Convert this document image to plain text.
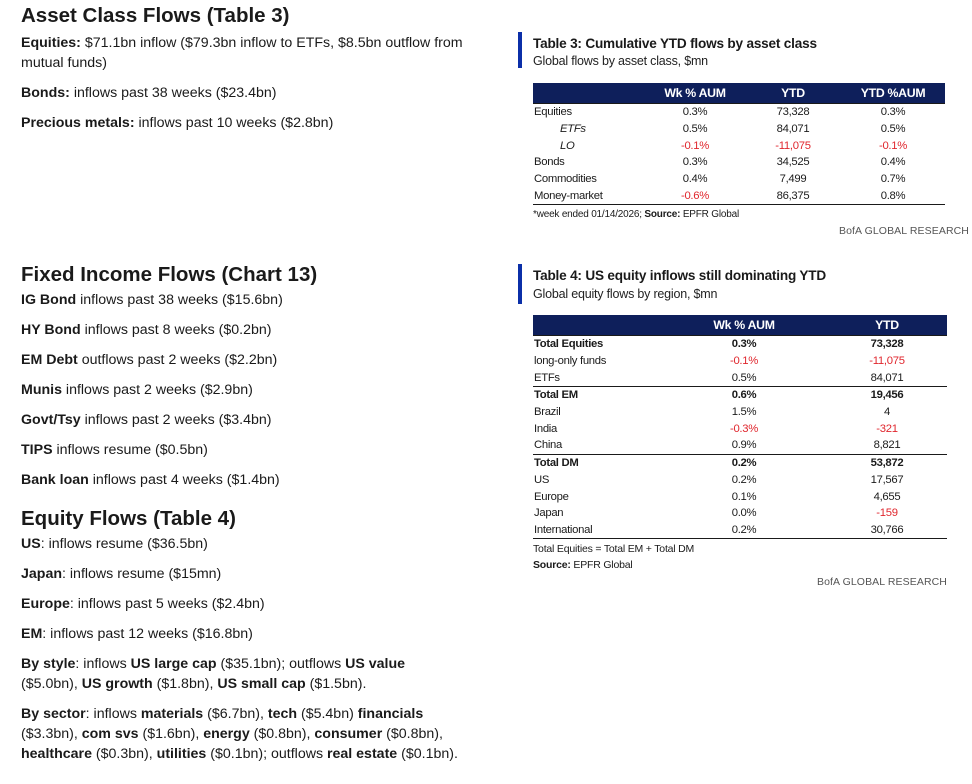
Asset Class Flows (Table 3)

Equities: $71.1bn inflow ($79.3bn inflow to ETFs, $8.5bn outflow from mutual funds)

Bonds: inflows past 38 weeks ($23.4bn)

Precious metals: inflows past 10 weeks ($2.8bn)

Fixed Income Flows (Chart 13)

IG Bond inflows past 38 weeks ($15.6bn)

HY Bond inflows past 8 weeks ($0.2bn)

EM Debt outflows past 2 weeks ($2.2bn)

Munis inflows past 2 weeks ($2.9bn)

Govt/Tsy inflows past 2 weeks ($3.4bn)

TIPS inflows resume ($0.5bn)

Bank loan inflows past 4 weeks ($1.4bn)

Equity Flows (Table 4)

US: inflows resume ($36.5bn)

Japan: inflows resume ($15mn)

Europe: inflows past 5 weeks ($2.4bn)

EM: inflows past 12 weeks ($16.8bn)

By style: inflows US large cap ($35.1bn); outflows US value ($5.0bn), US growth ($1.8bn), US small cap ($1.5bn).

By sector: inflows materials ($6.7bn), tech ($5.4bn) financials ($3.3bn), com svs ($1.6bn), energy ($0.8bn), consumer ($0.8bn), healthcare ($0.3bn), utilities ($0.1bn); outflows real estate ($0.1bn).

Table 3: Cumulative YTD flows by asset class
Global flows by asset class, $mn
	Wk % AUM	YTD	YTD %AUM
Equities	0.3%	73,328	0.3%
ETFs	0.5%	84,071	0.5%
LO	-0.1%	-11,075	-0.1%
Bonds	0.3%	34,525	0.4%
Commodities	0.4%	7,499	0.7%
Money-market	-0.6%	86,375	0.8%
*week ended 01/14/2026; Source: EPFR Global
BofA GLOBAL RESEARCH
Table 4: US equity inflows still dominating YTD
Global equity flows by region, $mn
	Wk % AUM	YTD
Total Equities	0.3%	73,328
long-only funds	-0.1%	-11,075
ETFs	0.5%	84,071
Total EM	0.6%	19,456
Brazil	1.5%	4
India	-0.3%	-321
China	0.9%	8,821
Total DM	0.2%	53,872
US	0.2%	17,567
Europe	0.1%	4,655
Japan	0.0%	-159
International	0.2%	30,766
Total Equities = Total EM + Total DM
Source: EPFR Global
BofA GLOBAL RESEARCH
